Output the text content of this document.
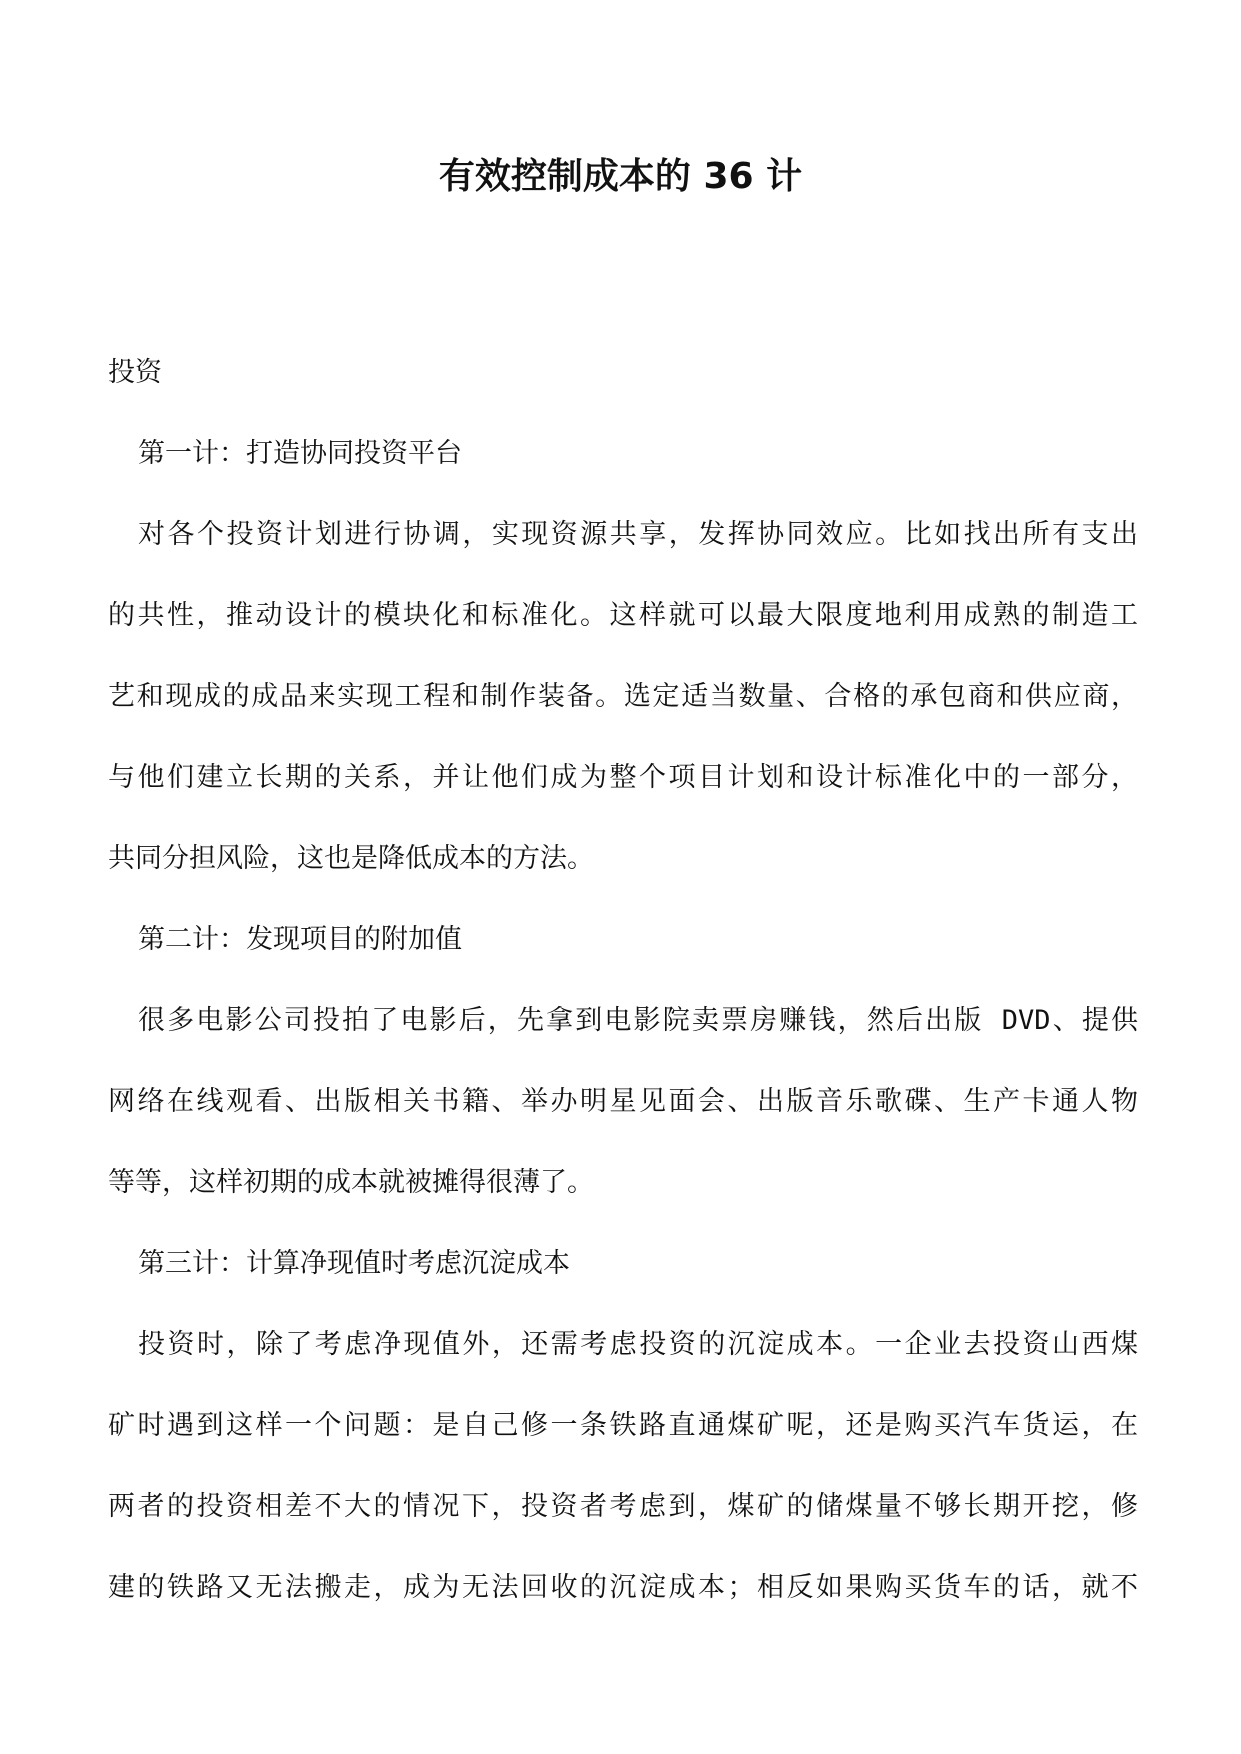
有效控制成本的 36 计

投资

第一计：打造协同投资平台

对各个投资计划进行协调，实现资源共享，发挥协同效应。比如找出所有支出
的共性，推动设计的模块化和标准化。这样就可以最大限度地利用成熟的制造工
艺和现成的成品来实现工程和制作装备。选定适当数量、合格的承包商和供应商，
与他们建立长期的关系，并让他们成为整个项目计划和设计标准化中的一部分，
共同分担风险，这也是降低成本的方法。

第二计：发现项目的附加值

很多电影公司投拍了电影后，先拿到电影院卖票房赚钱，然后出版 DVD、提供
网络在线观看、出版相关书籍、举办明星见面会、出版音乐歌碟、生产卡通人物
等等，这样初期的成本就被摊得很薄了。

第三计：计算净现值时考虑沉淀成本

投资时，除了考虑净现值外，还需考虑投资的沉淀成本。一企业去投资山西煤
矿时遇到这样一个问题：是自己修一条铁路直通煤矿呢，还是购买汽车货运，在
两者的投资相差不大的情况下，投资者考虑到，煤矿的储煤量不够长期开挖，修
建的铁路又无法搬走，成为无法回收的沉淀成本；相反如果购买货车的话，就不
